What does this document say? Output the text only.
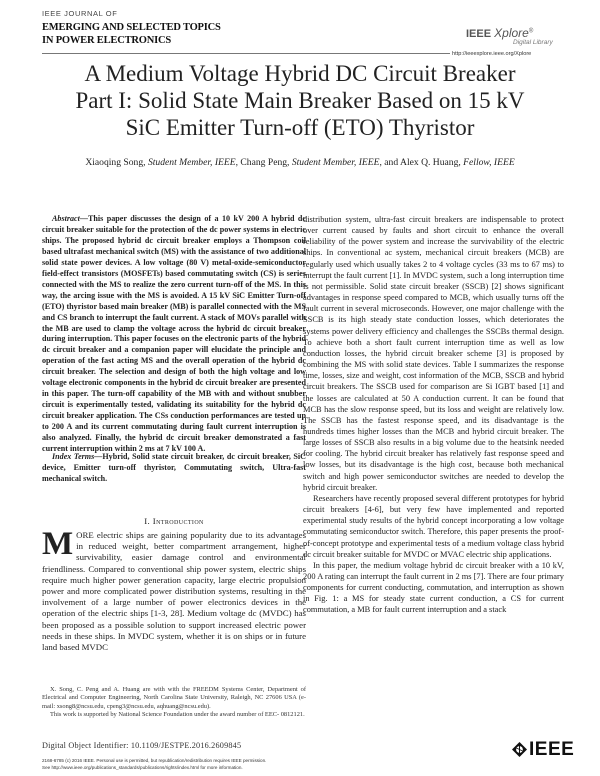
IEEE JOURNAL OF
EMERGING AND SELECTED TOPICS
IN POWER ELECTRONICS
IEEE Xplore®
Digital Library
http://ieeexplore.ieee.org/Xplore
A Medium Voltage Hybrid DC Circuit Breaker
Part I: Solid State Main Breaker Based on 15 kV
SiC Emitter Turn-off (ETO) Thyristor
Xiaoqing Song, Student Member, IEEE, Chang Peng, Student Member, IEEE, and Alex Q. Huang, Fellow, IEEE
Abstract—This paper discusses the design of a 10 kV 200 A hybrid dc circuit breaker suitable for the protection of the dc power systems in electric ships. The proposed hybrid dc circuit breaker employs a Thompson coil based ultrafast mechanical switch (MS) with the assistance of two additional solid state power devices. A low voltage (80 V) metal-oxide-semiconductor field-effect transistors (MOSFETs) based commutating switch (CS) is series connected with the MS to realize the zero current turn-off of the MS. In this way, the arcing issue with the MS is avoided. A 15 kV SiC Emitter Turn-off (ETO) thyristor based main breaker (MB) is parallel connected with the MS and CS branch to interrupt the fault current. A stack of MOVs parallel with the MB are used to clamp the voltage across the hybrid dc circuit breaker during interruption. This paper focuses on the electronic parts of the hybrid dc circuit breaker and a companion paper will elucidate the principle and operation of the fast acting MS and the overall operation of the hybrid dc circuit breaker. The selection and design of both the high voltage and low voltage electronic components in the hybrid dc circuit breaker are presented in this paper. The turn-off capability of the MB with and without snubber circuit is experimentally tested, validating its suitability for the hybrid dc circuit breaker application. The CSs conduction performances are tested up to 200 A and its current commutating during fault current interruption is also analyzed. Finally, the hybrid dc circuit breaker demonstrated a fast current interruption within 2 ms at 7 kV 100 A.
Index Terms—Hybrid, Solid state circuit breaker, dc circuit breaker, SiC device, Emitter turn-off thyristor, Commutating switch, Ultra-fast mechanical switch.
I. Introduction
MORE electric ships are gaining popularity due to its advantages in reduced weight, better compartment arrangement, higher survivability, easier damage control and environmental friendliness. Compared to conventional ship power system, electric ships require much higher power generation capacity, large electric propulsion power and more complicated power distribution systems, resulting in the involvement of a large number of power electronics devices in the operation of the electric ships [1-3, 28]. Medium voltage dc (MVDC) has been proposed as a possible solution to support increased electric power needs in these ships. In MVDC system, whether it is on ships or in future land based MVDC

X. Song, C. Peng and A. Huang are with with the FREEDM Systems Center, Department of Electrical and Computer Engineering, North Carolina State University, Raleigh, NC 27606 USA (e-mail: xsong8@ncsu.edu, cpeng3@ncsu.edu, aqhuang@ncsu.edu).

This work is supported by National Science Foundation under the award number of EEC- 0812121.

Digital Object Identifier: 10.1109/JESTPE.2016.2609845
2168-6785 (c) 2016 IEEE. Personal use is permitted, but republication/redistribution requires IEEE permission.
See http://www.ieee.org/publications_standards/publications/rights/index.html for more information.

distribution system, ultra-fast circuit breakers are indispensable to protect over current caused by faults and short circuit to enhance the overall reliability of the power system and increase the survivability of the electric ships. In conventional ac system, mechanical circuit breakers (MCB) are regularly used which usually takes 2 to 4 voltage cycles (33 ms to 67 ms) to interrupt the fault current [1]. In MVDC system, such a long interruption time is not permissible. Solid state circuit breaker (SSCB) [2] shows significant advantages in response speed compared to MCB, which usually turns off the fault current in several microseconds. However, one major challenge with the SSCB is its high steady state conduction losses, which deteriorates the systems power delivery efficiency and challenges the SSCBs thermal design. To achieve both a short fault current interruption time as well as low conduction losses, the hybrid circuit breaker scheme [3] is proposed by combining the MS with solid state devices. Table I summarizes the response time, losses, size and weight, cost information of the MCB, SSCB and hybrid circuit breakers. The SSCB used for comparison are Si IGBT based [1] and the losses are calculated at 50 A conduction current. It can be found that MCB has the slow response speed, but its loss and weight are relatively low. The SSCB has the fastest response speed, and its disadvantage is the hundreds times higher losses than the MCB and hybrid circuit breaker. The large losses of SSCB also results in a big volume due to the heatsink needed for cooling. The hybrid circuit breaker has relatively fast response speed and low losses, but its disadvantage is the high cost, because both mechanical switch and high power semiconductor switches are needed to develop the hybrid circuit breaker.

Researchers have recently proposed several different prototypes for hybrid circuit breakers [4-6], but very few have implemented and reported experimental study results of the hybrid concept incorporating a low voltage commutating semiconductor switch. Therefore, this paper presents the proof-of-concept prototype and experimental tests of a medium voltage class hybrid dc circuit breaker suitable for MVDC or MVAC electric ship applications.

In this paper, the medium voltage hybrid dc circuit breaker with a 10 kV, 200 A rating can interrupt the fault current in 2 ms [7]. There are four primary components for current conducting, commutation, and interruption as shown in Fig. 1: a MS for steady state current conduction, a CS for current commutation, a MB for fault current interruption and a stack

IEEE
